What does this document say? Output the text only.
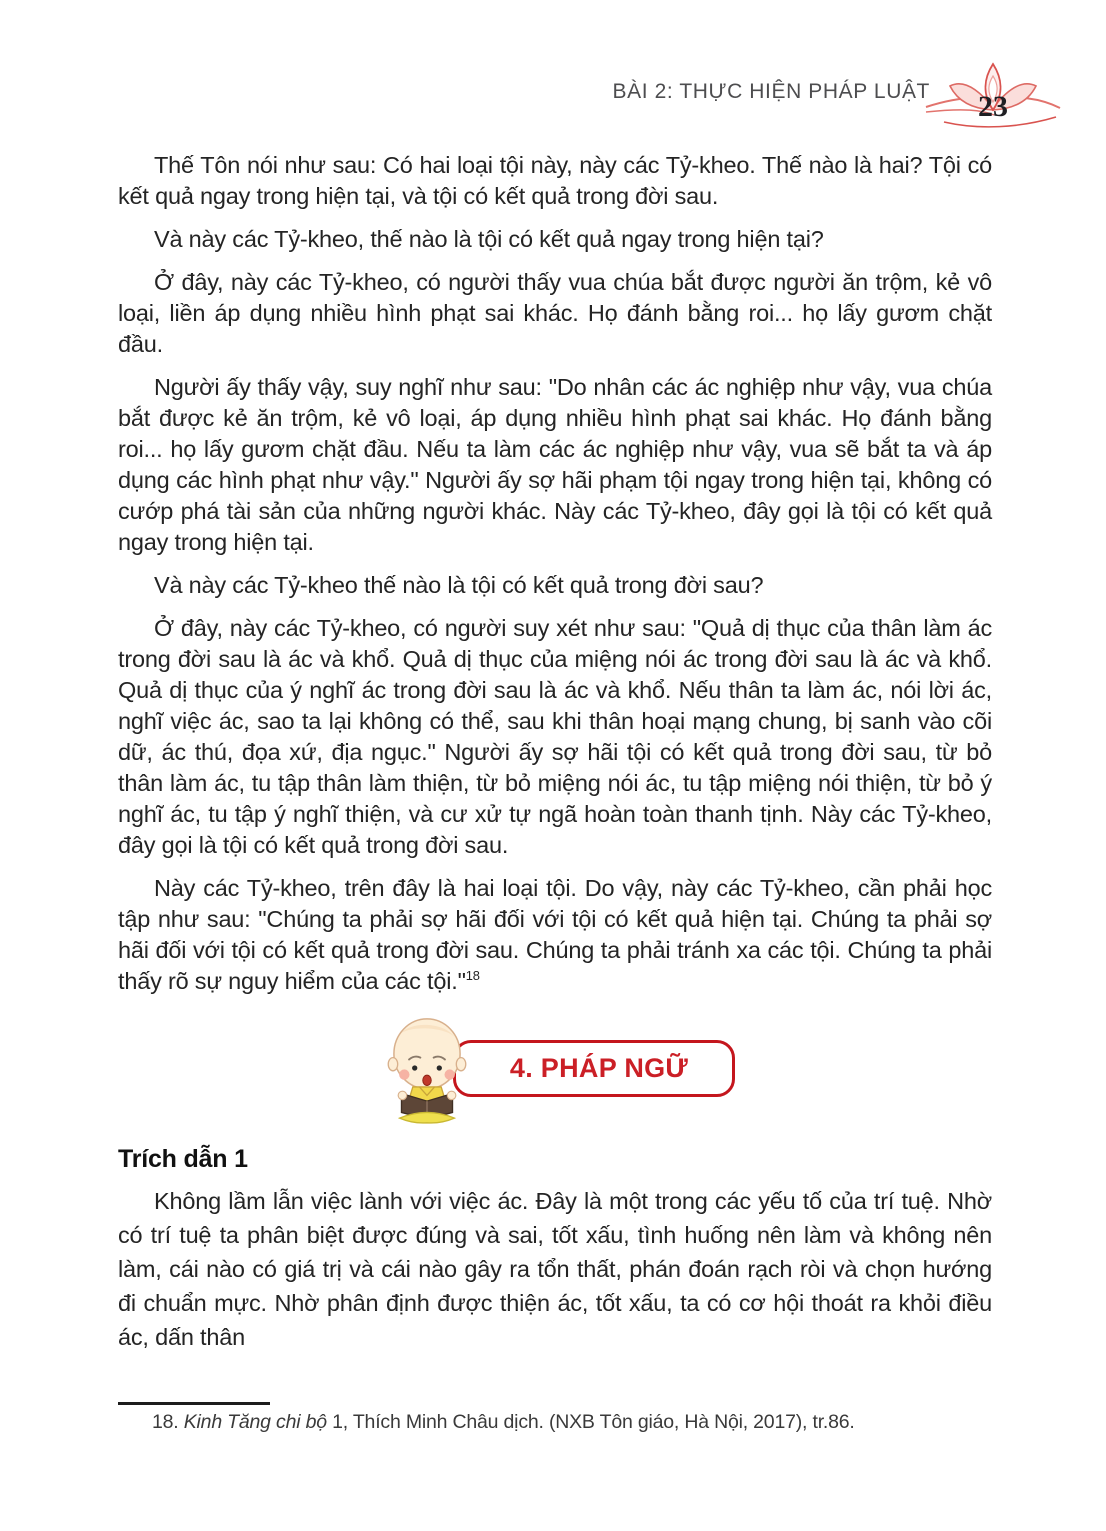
BÀI 2: THỰC HIỆN PHÁP LUẬT 23

Thế Tôn nói như sau: Có hai loại tội này, này các Tỷ-kheo. Thế nào là hai? Tội có kết quả ngay trong hiện tại, và tội có kết quả trong đời sau.

Và này các Tỷ-kheo, thế nào là tội có kết quả ngay trong hiện tại?

Ở đây, này các Tỷ-kheo, có người thấy vua chúa bắt được người ăn trộm, kẻ vô loại, liền áp dụng nhiều hình phạt sai khác. Họ đánh bằng roi... họ lấy gươm chặt đầu.

Người ấy thấy vậy, suy nghĩ như sau: "Do nhân các ác nghiệp như vậy, vua chúa bắt được kẻ ăn trộm, kẻ vô loại, áp dụng nhiều hình phạt sai khác. Họ đánh bằng roi... họ lấy gươm chặt đầu. Nếu ta làm các ác nghiệp như vậy, vua sẽ bắt ta và áp dụng các hình phạt như vậy." Người ấy sợ hãi phạm tội ngay trong hiện tại, không có cướp phá tài sản của những người khác. Này các Tỷ-kheo, đây gọi là tội có kết quả ngay trong hiện tại.

Và này các Tỷ-kheo thế nào là tội có kết quả trong đời sau?

Ở đây, này các Tỷ-kheo, có người suy xét như sau: "Quả dị thục của thân làm ác trong đời sau là ác và khổ. Quả dị thục của miệng nói ác trong đời sau là ác và khổ. Quả dị thục của ý nghĩ ác trong đời sau là ác và khổ. Nếu thân ta làm ác, nói lời ác, nghĩ việc ác, sao ta lại không có thể, sau khi thân hoại mạng chung, bị sanh vào cõi dữ, ác thú, đọa xứ, địa ngục." Người ấy sợ hãi tội có kết quả trong đời sau, từ bỏ thân làm ác, tu tập thân làm thiện, từ bỏ miệng nói ác, tu tập miệng nói thiện, từ bỏ ý nghĩ ác, tu tập ý nghĩ thiện, và cư xử tự ngã hoàn toàn thanh tịnh. Này các Tỷ-kheo, đây gọi là tội có kết quả trong đời sau.

Này các Tỷ-kheo, trên đây là hai loại tội. Do vậy, này các Tỷ-kheo, cần phải học tập như sau: "Chúng ta phải sợ hãi đối với tội có kết quả hiện tại. Chúng ta phải sợ hãi đối với tội có kết quả trong đời sau. Chúng ta phải tránh xa các tội. Chúng ta phải thấy rõ sự nguy hiểm của các tội."$^{18}$

4. PHÁP NGỮ
Trích dẫn 1

Không lầm lẫn việc lành với việc ác. Đây là một trong các yếu tố của trí tuệ. Nhờ có trí tuệ ta phân biệt được đúng và sai, tốt xấu, tình huống nên làm và không nên làm, cái nào có giá trị và cái nào gây ra tổn thất, phán đoán rạch ròi và chọn hướng đi chuẩn mực. Nhờ phân định được thiện ác, tốt xấu, ta có cơ hội thoát ra khỏi điều ác, dấn thân

18. Kinh Tăng chi bộ 1, Thích Minh Châu dịch. (NXB Tôn giáo, Hà Nội, 2017), tr.86.
